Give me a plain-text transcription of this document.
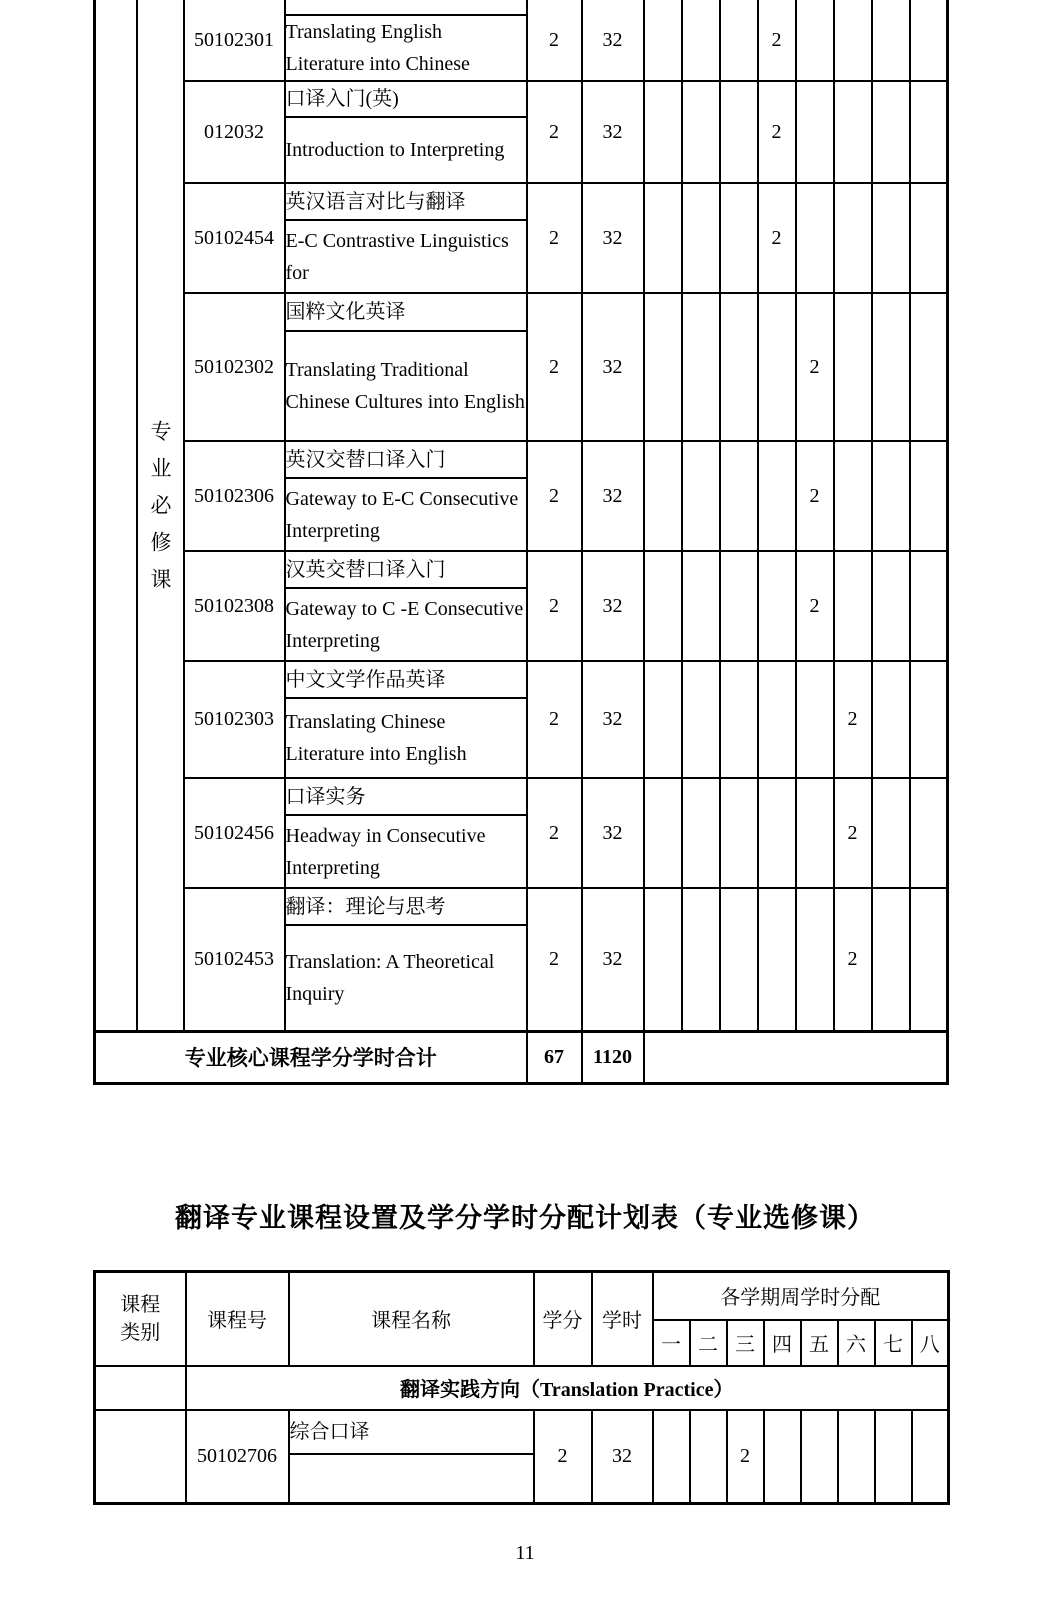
	专业必修课	50102301		2	32				2				
			Translating English Literature into Chinese										
		012032	口译入门(英)	2	32				2				
			Introduction to Interpreting										
		50102454	英汉语言对比与翻译	2	32				2				
			E-C Contrastive Linguistics for										
		50102302	国粹文化英译	2	32					2			
			Translating Traditional Chinese Cultures into English										
		50102306	英汉交替口译入门	2	32					2			
			Gateway to E-C Consecutive Interpreting										
		50102308	汉英交替口译入门	2	32					2			
			Gateway to C -E Consecutive Interpreting										
		50102303	中文文学作品英译	2	32						2		
			Translating Chinese Literature into English										
		50102456	口译实务	2	32						2		
			Headway in Consecutive Interpreting										
		50102453	翻译：理论与思考	2	32						2		
			Translation: A Theoretical Inquiry										
专业核心课程学分学时合计				67	1120								
翻译专业课程设置及学分学时分配计划表（专业选修课）
课程类别	课程号	课程名称	学分	学时	各学期周学时分配							
					一	二	三	四	五	六	七	八
	翻译实践方向（Translation Practice）											
	50102706	综合口译	2	32			2					

11
